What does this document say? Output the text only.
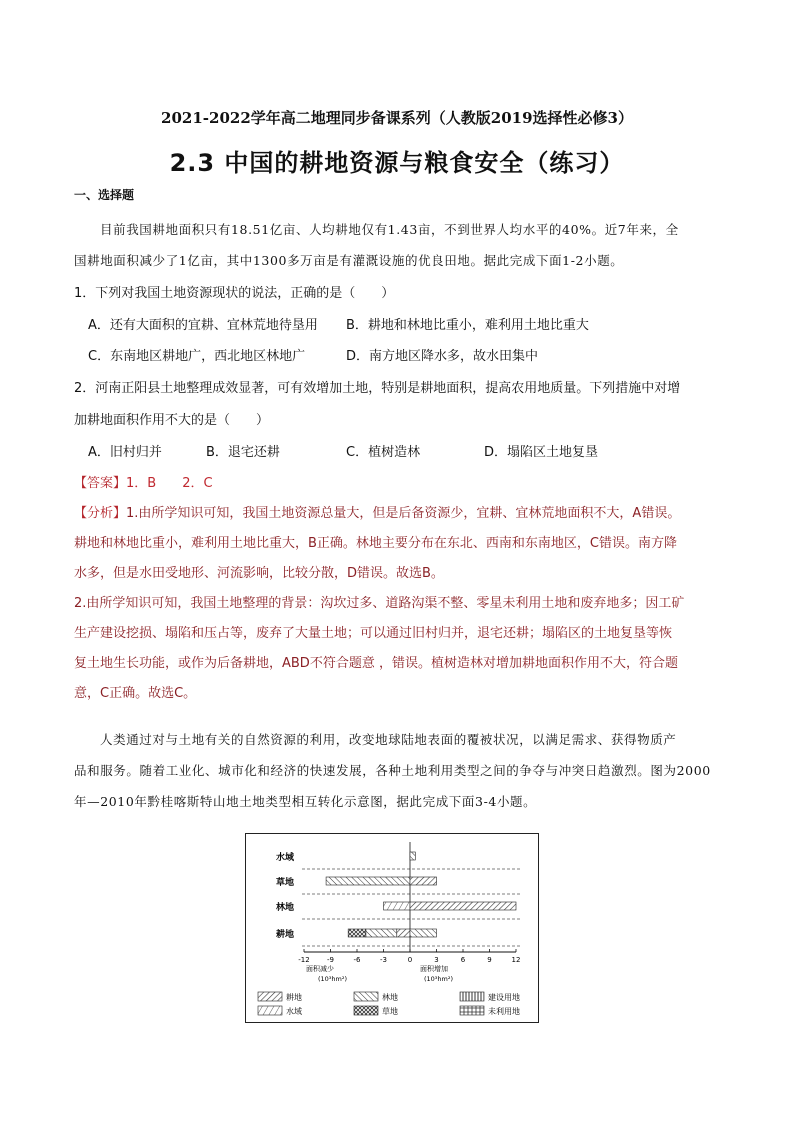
2021-2022学年高二地理同步备课系列（人教版2019选择性必修3）
2.3 中国的耕地资源与粮食安全（练习）
一、选择题
目前我国耕地面积只有18.51亿亩、人均耕地仅有1.43亩，不到世界人均水平的40%。近7年来，全
国耕地面积减少了1亿亩，其中1300多万亩是有灌溉设施的优良田地。据此完成下面1-2小题。
1．下列对我国土地资源现状的说法，正确的是（　　）
A．还有大面积的宜耕、宜林荒地待垦用 B．耕地和林地比重小，难利用土地比重大
C．东南地区耕地广，西北地区林地广	D．南方地区降水多，故水田集中
2．河南正阳县土地整理成效显著，可有效增加土地，特别是耕地面积，提高农用地质量。下列措施中对增
加耕地面积作用不大的是（　　）
A．旧村归并	B．退宅还耕	C．植树造林	D．塌陷区土地复垦
【答案】1．B　　2．C
【分析】1.由所学知识可知，我国土地资源总量大，但是后备资源少，宜耕、宜林荒地面积不大，A错误。
耕地和林地比重小，难利用土地比重大，B正确。林地主要分布在东北、西南和东南地区，C错误。南方降
水多，但是水田受地形、河流影响，比较分散，D错误。故选B。
2.由所学知识可知，我国土地整理的背景：沟坎过多、道路沟渠不整、零星未利用土地和废弃地多；因工矿
生产建设挖损、塌陷和压占等，废弃了大量土地；可以通过旧村归并，退宅还耕；塌陷区的土地复垦等恢
复土地生长功能，或作为后备耕地，ABD不符合题意 ，错误。植树造林对增加耕地面积作用不大，符合题
意，C正确。故选C。
人类通过对与土地有关的自然资源的利用，改变地球陆地表面的覆被状况，以满足需求、获得物质产
品和服务。随着工业化、城市化和经济的快速发展，各种土地利用类型之间的争夺与冲突日趋激烈。图为2000
年—2010年黔桂喀斯特山地土地类型相互转化示意图，据此完成下面3-4小题。
水域
草地
林地
耕地
-12 -9	-6	-3	0	3	6	9	12
面积减少
(10³hm²)
面积增加
(10³hm²)
耕地	林地	建设用地
水域	草地	未利用地
